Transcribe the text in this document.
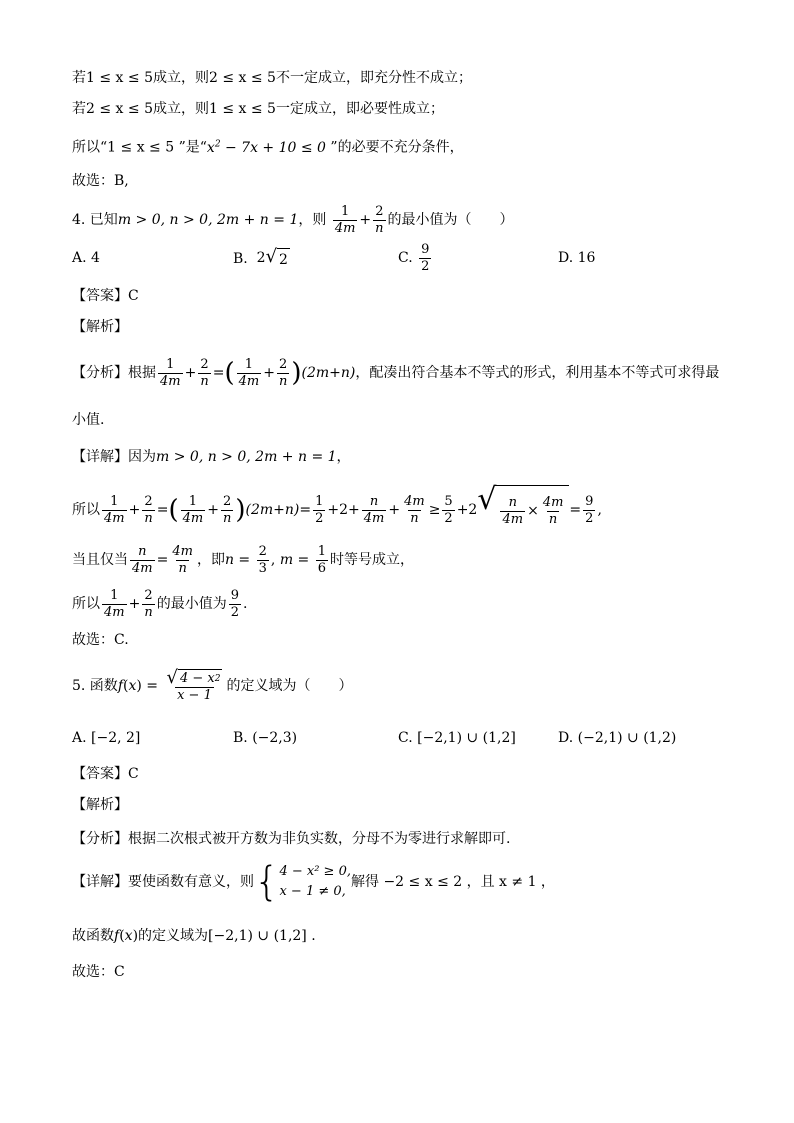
若1 ≤ x ≤ 5成立，则2 ≤ x ≤ 5不一定成立，即充分性不成立；
若2 ≤ x ≤ 5成立，则1 ≤ x ≤ 5一定成立，即必要性成立；
所以“1 ≤ x ≤ 5 ”是“$x^2 - 7x + 10 \le 0$ ”的必要不充分条件，
故选：B,
4. 已知m > 0, n > 0, 2m + n = 1，则 $\frac{1}{4m} + \frac{2}{n}$ 的最小值为（　　）
A. 4	B.  2 √ 2	C. $\frac{9}{2}$	D. 16
【答案】C
【解析】
【分析】根据 $\frac{1}{4m} + \frac{2}{n}$ =( $\frac{1}{4m} + \frac{2}{n} )(2m+n)$，配凑出符合基本不等式的形式，利用基本不等式可求得最
小值.
【详解】因为m > 0, n > 0, 2m + n = 1，
所以 $\frac{1}{4m} + \frac{2}{n}$ =( $\frac{1}{4m} + \frac{2}{n} )(2m+n)= \frac{1}{2} +2+ \frac{n}{4m} + \frac{4m}{n} \ge \frac{5}{2} +2$ √ $\frac{n}{4m} \times \frac{4m}{n} = \frac{9}{2}$ ,
当且仅当 $\frac{n}{4m} = \frac{4m}{n}$ ，即$n = \frac{2}{3}$ , $m = \frac{1}{6}$ 时等号成立，
所以 $\frac{1}{4m} + \frac{2}{n}$ 的最小值为 $\frac{9}{2}$ .
故选：C.
5. 函数$f(x) = \frac{√ 4 - x 2}{x - 1}$ 的定义域为（　　）
A. [−2, 2]	B. (−2,3)	C. [−2,1) ∪ (1,2]	D. (−2,1) ∪ (1,2)
【答案】C
【解析】
【分析】根据二次根式被开方数为非负实数，分母不为零进行求解即可.
【详解】要使函数有意义，则 { 4 − x² ≥ 0,
x − 1 ≠ 0,
解得 −2 ≤ x ≤ 2 ，且 x ≠ 1 ，
故函数f(x)的定义域为[−2,1) ∪ (1,2] .
故选：C
